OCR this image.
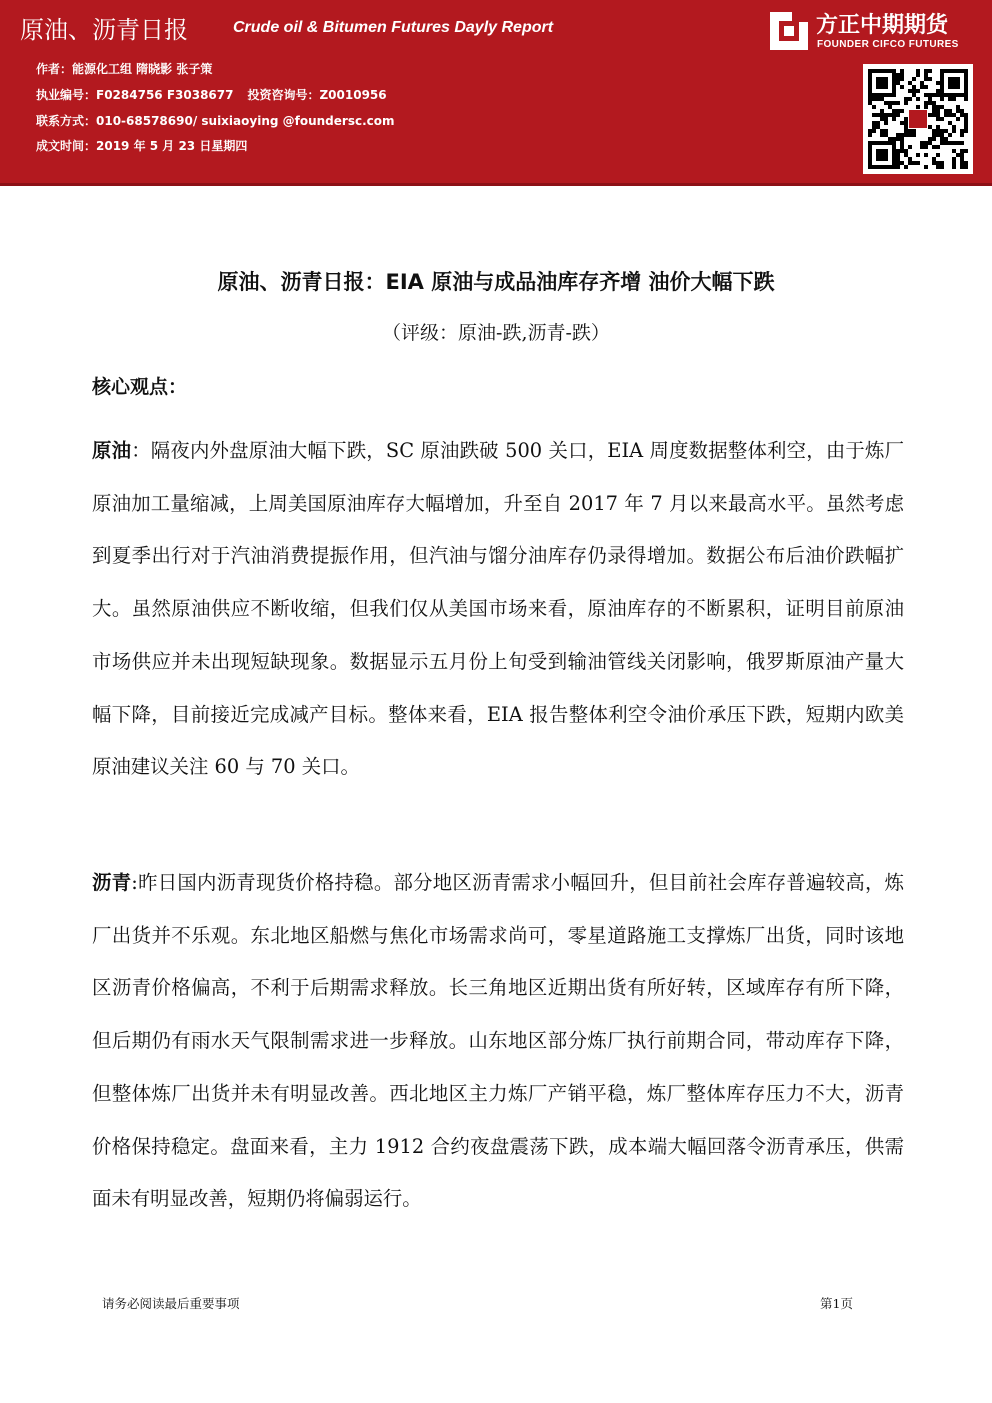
原油、沥青日报	Crude oil & Bitumen Futures Dayly Report
作者：能源化工组 隋晓影 张子策
执业编号：F0284756 F3038677 投资咨询号：Z0010956
联系方式：010-68578690/ suixiaoying @foundersc.com
成文时间：2019 年 5 月 23 日星期四
方正中期期货
FOUNDER CIFCO FUTURES
原油、沥青日报：EIA 原油与成品油库存齐增 油价大幅下跌
（评级：原油-跌,沥青-跌）
核心观点：
原油：隔夜内外盘原油大幅下跌，SC 原油跌破 500 关口，EIA 周度数据整体利空，由于炼厂原油加工量缩减，上周美国原油库存大幅增加，升至自 2017 年 7 月以来最高水平。虽然考虑到夏季出行对于汽油消费提振作用，但汽油与馏分油库存仍录得增加。数据公布后油价跌幅扩大。虽然原油供应不断收缩，但我们仅从美国市场来看，原油库存的不断累积，证明目前原油市场供应并未出现短缺现象。数据显示五月份上旬受到输油管线关闭影响，俄罗斯原油产量大幅下降，目前接近完成减产目标。整体来看，EIA 报告整体利空令油价承压下跌，短期内欧美原油建议关注 60 与 70 关口。
沥青:昨日国内沥青现货价格持稳。部分地区沥青需求小幅回升，但目前社会库存普遍较高，炼厂出货并不乐观。东北地区船燃与焦化市场需求尚可，零星道路施工支撑炼厂出货，同时该地区沥青价格偏高，不利于后期需求释放。长三角地区近期出货有所好转，区域库存有所下降，但后期仍有雨水天气限制需求进一步释放。山东地区部分炼厂执行前期合同，带动库存下降，但整体炼厂出货并未有明显改善。西北地区主力炼厂产销平稳，炼厂整体库存压力不大，沥青价格保持稳定。盘面来看，主力 1912 合约夜盘震荡下跌，成本端大幅回落令沥青承压，供需面未有明显改善，短期仍将偏弱运行。
请务必阅读最后重要事项	第1页
